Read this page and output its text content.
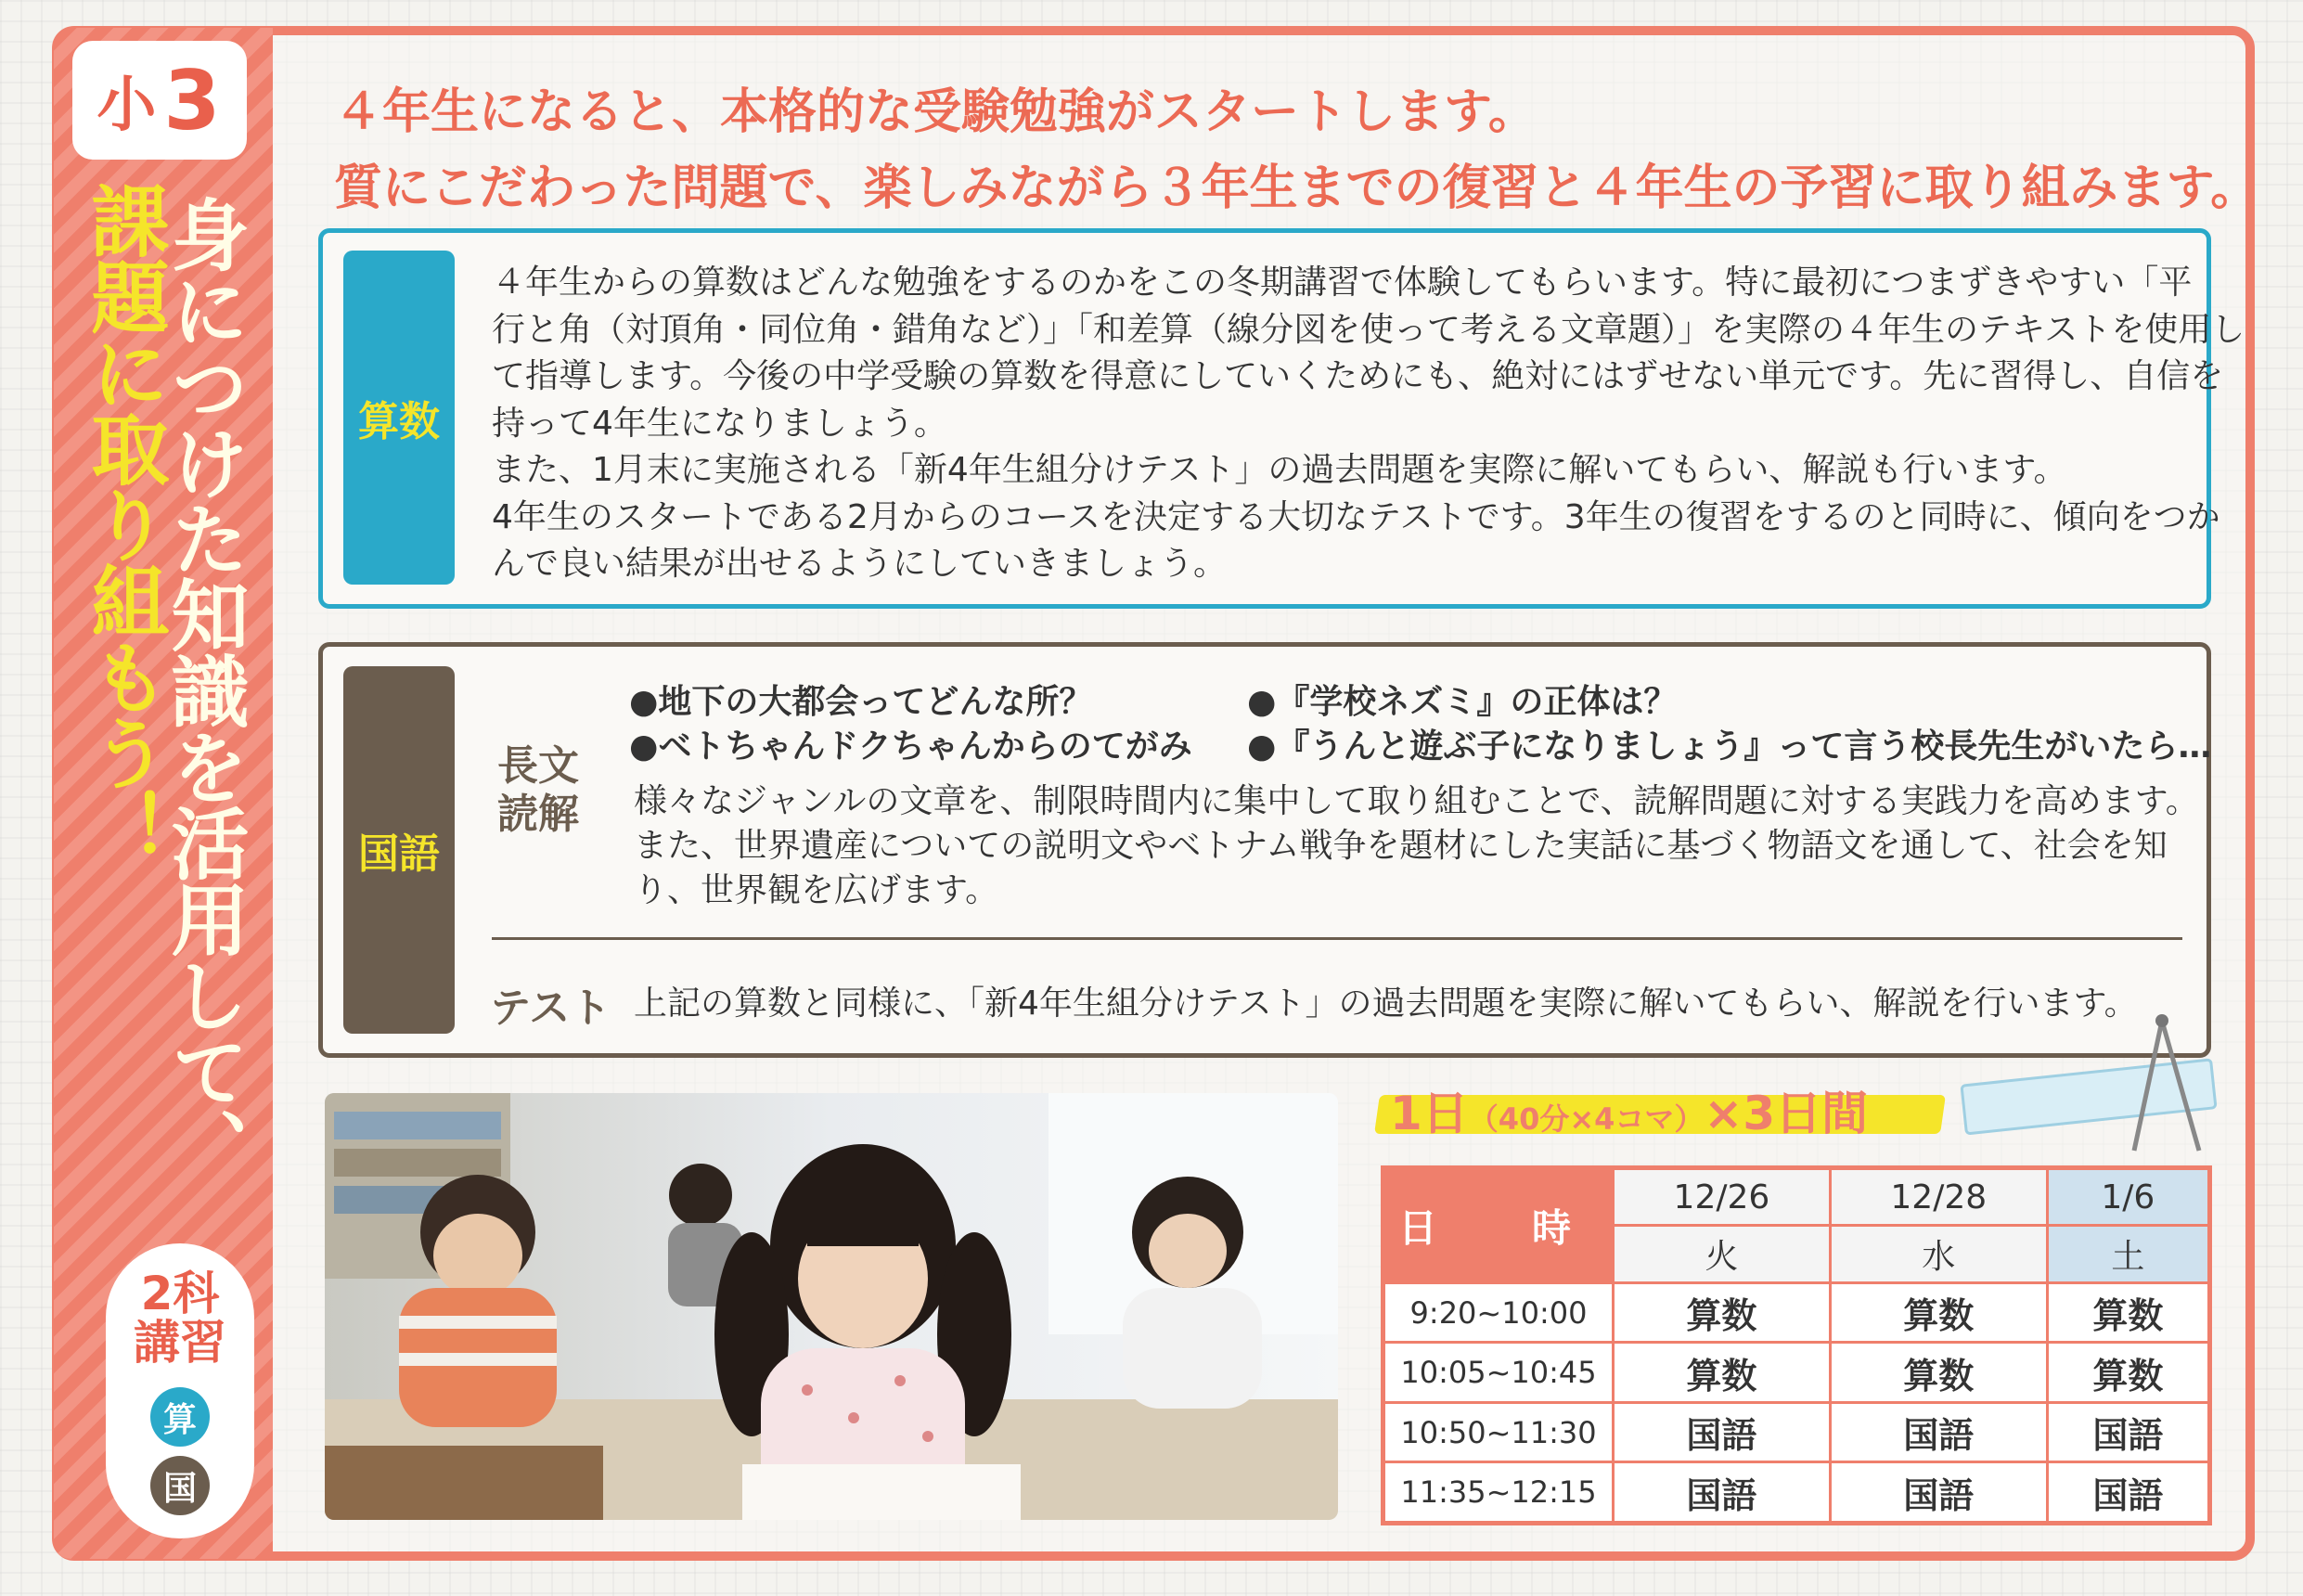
小 3
身につけた知識を活用して、
課題に取り組もう！
2科
講習
算
国
４年生になると、本格的な受験勉強がスタートします。
質にこだわった問題で、楽しみながら３年生までの復習と４年生の予習に取り組みます。
算数
４年生からの算数はどんな勉強をするのかをこの冬期講習で体験してもらいます。特に最初につまずきやすい「平
行と角（対頂角・同位角・錯角など）」「和差算（線分図を使って考える文章題）」を実際の４年生のテキストを使用し
て指導します。今後の中学受験の算数を得意にしていくためにも、絶対にはずせない単元です。先に習得し、自信を
持って4年生になりましょう。
また、1月末に実施される「新4年生組分けテスト」の過去問題を実際に解いてもらい、解説も行います。
4年生のスタートである2月からのコースを決定する大切なテストです。3年生の復習をするのと同時に、傾向をつか
んで良い結果が出せるようにしていきましょう。
国語
●地下の大都会ってどんな所？
●ベトちゃんドクちゃんからのてがみ
●『学校ネズミ』の正体は？
●『うんと遊ぶ子になりましょう』って言う校長先生がいたら…
長文
読解 様々なジャンルの文章を、制限時間内に集中して取り組むことで、読解問題に対する実践力を高めます。
また、世界遺産についての説明文やベトナム戦争を題材にした実話に基づく物語文を通して、社会を知
り、世界観を広げます。
テスト 上記の算数と同様に、「新4年生組分けテスト」の過去問題を実際に解いてもらい、解説を行います。
1日（40分×4コマ）×3日間
日　時	12/26	12/28	1/6
	火	水	土
9:20~10:00	算数	算数	算数
10:05~10:45	算数	算数	算数
10:50~11:30	国語	国語	国語
11:35~12:15	国語	国語	国語
